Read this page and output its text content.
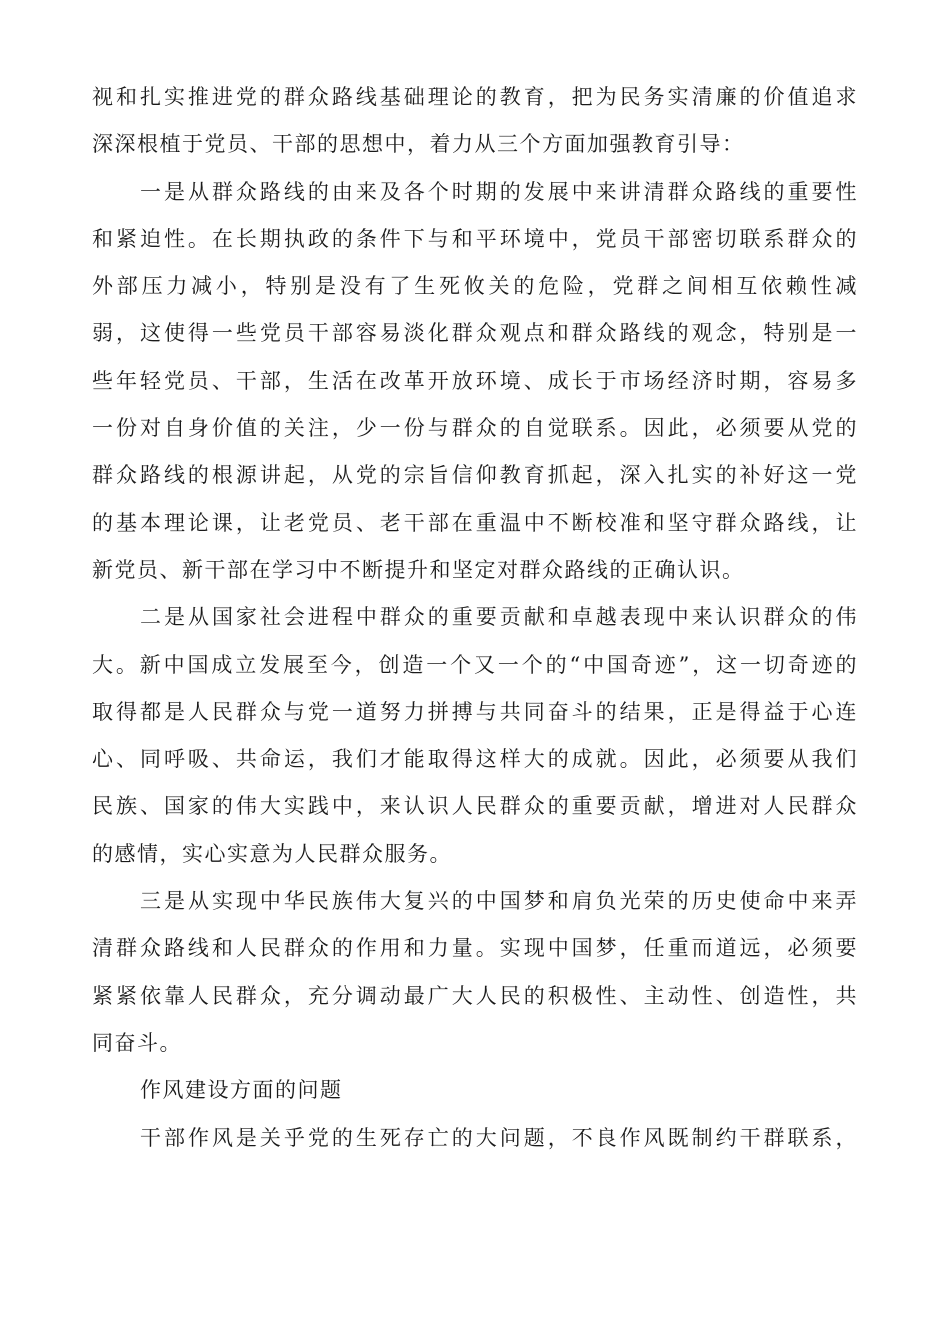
视和扎实推进党的群众路线基础理论的教育，把为民务实清廉的价值追求
深深根植于党员、干部的思想中，着力从三个方面加强教育引导：
一是从群众路线的由来及各个时期的发展中来讲清群众路线的重要性
和紧迫性。在长期执政的条件下与和平环境中，党员干部密切联系群众的
外部压力减小，特别是没有了生死攸关的危险，党群之间相互依赖性减
弱，这使得一些党员干部容易淡化群众观点和群众路线的观念，特别是一
些年轻党员、干部，生活在改革开放环境、成长于市场经济时期，容易多
一份对自身价值的关注，少一份与群众的自觉联系。因此，必须要从党的
群众路线的根源讲起，从党的宗旨信仰教育抓起，深入扎实的补好这一党
的基本理论课，让老党员、老干部在重温中不断校准和坚守群众路线，让
新党员、新干部在学习中不断提升和坚定对群众路线的正确认识。
二是从国家社会进程中群众的重要贡献和卓越表现中来认识群众的伟
大。新中国成立发展至今，创造一个又一个的“中国奇迹”，这一切奇迹的
取得都是人民群众与党一道努力拼搏与共同奋斗的结果，正是得益于心连
心、同呼吸、共命运，我们才能取得这样大的成就。因此，必须要从我们
民族、国家的伟大实践中，来认识人民群众的重要贡献，增进对人民群众
的感情，实心实意为人民群众服务。
三是从实现中华民族伟大复兴的中国梦和肩负光荣的历史使命中来弄
清群众路线和人民群众的作用和力量。实现中国梦，任重而道远，必须要
紧紧依靠人民群众，充分调动最广大人民的积极性、主动性、创造性，共
同奋斗。
作风建设方面的问题
干部作风是关乎党的生死存亡的大问题，不良作风既制约干群联系，
